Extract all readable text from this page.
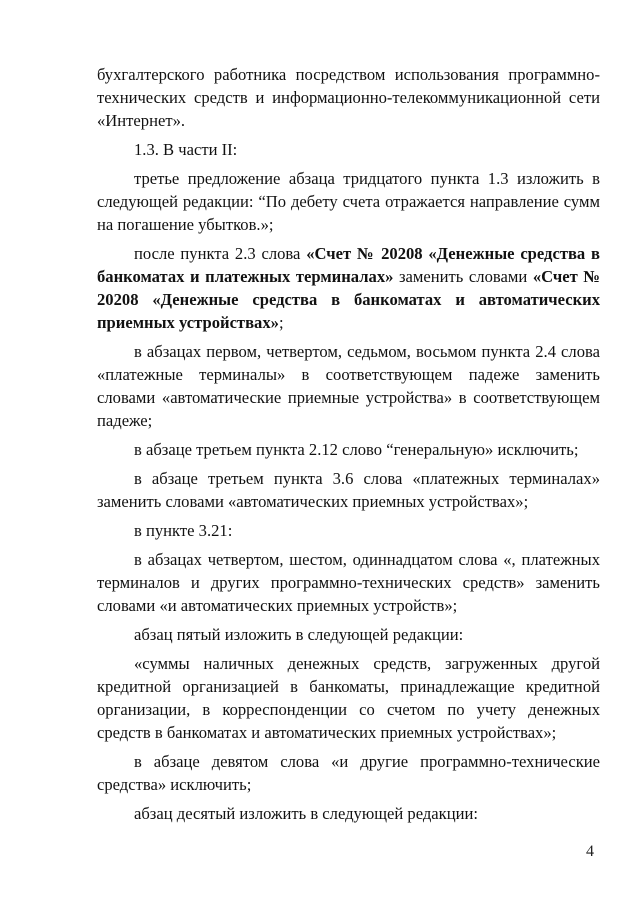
бухгалтерского работника посредством использования программно-технических средств и информационно-телекоммуникационной сети «Интернет».

1.3. В части II:

третье предложение абзаца тридцатого пункта 1.3 изложить в следующей редакции: “По дебету счета отражается направление сумм на погашение убытков.»;

после пункта 2.3 слова «Счет № 20208 «Денежные средства в банкоматах и платежных терминалах» заменить словами «Счет № 20208 «Денежные средства в банкоматах и автоматических приемных устройствах»;

в абзацах первом, четвертом, седьмом, восьмом пункта 2.4 слова «платежные терминалы» в соответствующем падеже заменить словами «автоматические приемные устройства» в соответствующем падеже;

в абзаце третьем пункта 2.12 слово “генеральную» исключить;

в абзаце третьем пункта 3.6 слова «платежных терминалах» заменить словами «автоматических приемных устройствах»;

в пункте 3.21:

в абзацах четвертом, шестом, одиннадцатом слова «, платежных терминалов и других программно-технических средств» заменить словами «и автоматических приемных устройств»;

абзац пятый изложить в следующей редакции:

«суммы наличных денежных средств, загруженных другой кредитной организацией в банкоматы, принадлежащие кредитной организации, в корреспонденции со счетом по учету денежных средств в банкоматах и автоматических приемных устройствах»;

в абзаце девятом слова «и другие программно-технические средства» исключить;

абзац десятый изложить в следующей редакции:

4
